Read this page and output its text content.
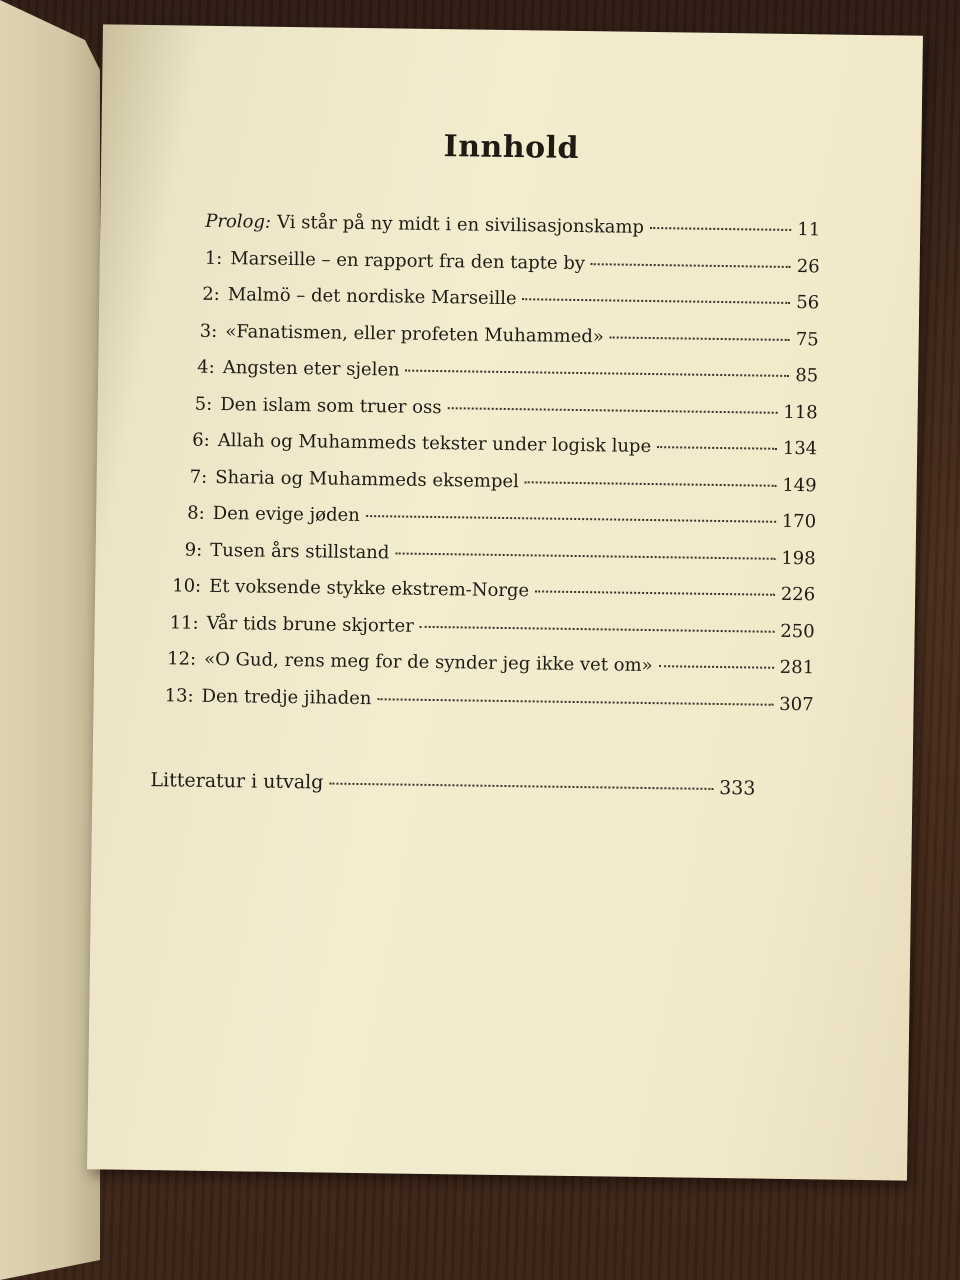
Innhold
Prolog: Vi står på ny midt i en sivilisasjonskamp	11
1: Marseille – en rapport fra den tapte by	26
2: Malmö – det nordiske Marseille	56
3: «Fanatismen, eller profeten Muhammed»	75
4: Angsten eter sjelen	85
5: Den islam som truer oss	118
6: Allah og Muhammeds tekster under logisk lupe	134
7: Sharia og Muhammeds eksempel	149
8: Den evige jøden	170
9: Tusen års stillstand	198
10: Et voksende stykke ekstrem-Norge	226
11: Vår tids brune skjorter	250
12: «O Gud, rens meg for de synder jeg ikke vet om»	281
13: Den tredje jihaden	307
Litteratur i utvalg	333
